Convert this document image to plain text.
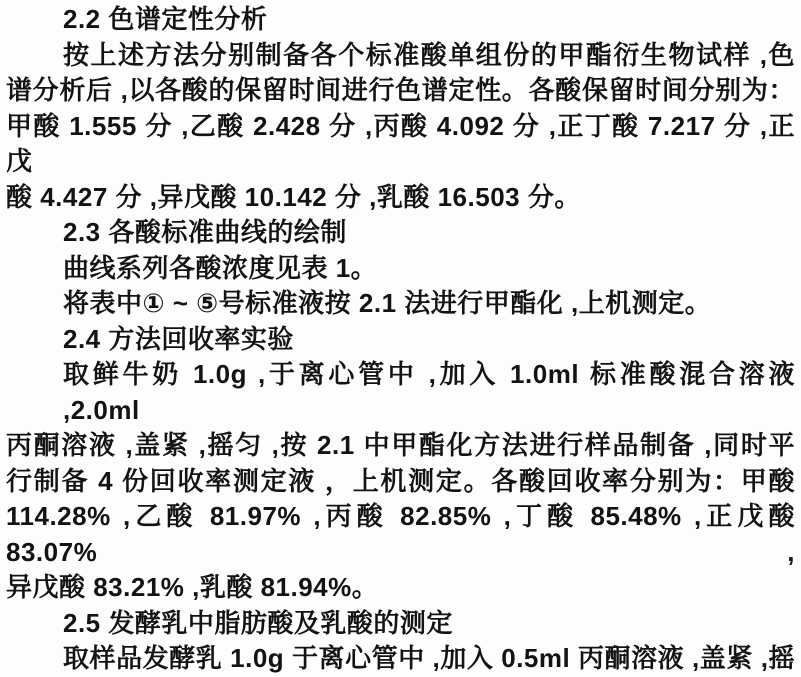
2.2 色谱定性分析
按上述方法分别制备各个标准酸单组份的甲酯衍生物试样 ,色
谱分析后 ,以各酸的保留时间进行色谱定性。各酸保留时间分别为：
甲酸 1.555 分 ,乙酸 2.428 分 ,丙酸 4.092 分 ,正丁酸 7.217 分 ,正戊
酸 4.427 分 ,异戊酸 10.142 分 ,乳酸 16.503 分。
2.3 各酸标准曲线的绘制
曲线系列各酸浓度见表 1。
将表中① ~ ⑤号标准液按 2.1 法进行甲酯化 ,上机测定。
2.4 方法回收率实验
取鲜牛奶 1.0g ,于离心管中 ,加入 1.0ml 标准酸混合溶液 ,2.0ml
丙酮溶液 ,盖紧 ,摇匀 ,按 2.1 中甲酯化方法进行样品制备 ,同时平
行制备 4 份回收率测定液 ，上机测定。各酸回收率分别为：甲酸
114.28% ,乙酸 81.97% ,丙酸 82.85% ,丁酸 85.48% ,正戊酸 83.07% ,
异戊酸 83.21% ,乳酸 81.94%。
2.5 发酵乳中脂肪酸及乳酸的测定
取样品发酵乳 1.0g 于离心管中 ,加入 0.5ml 丙酮溶液 ,盖紧 ,摇
